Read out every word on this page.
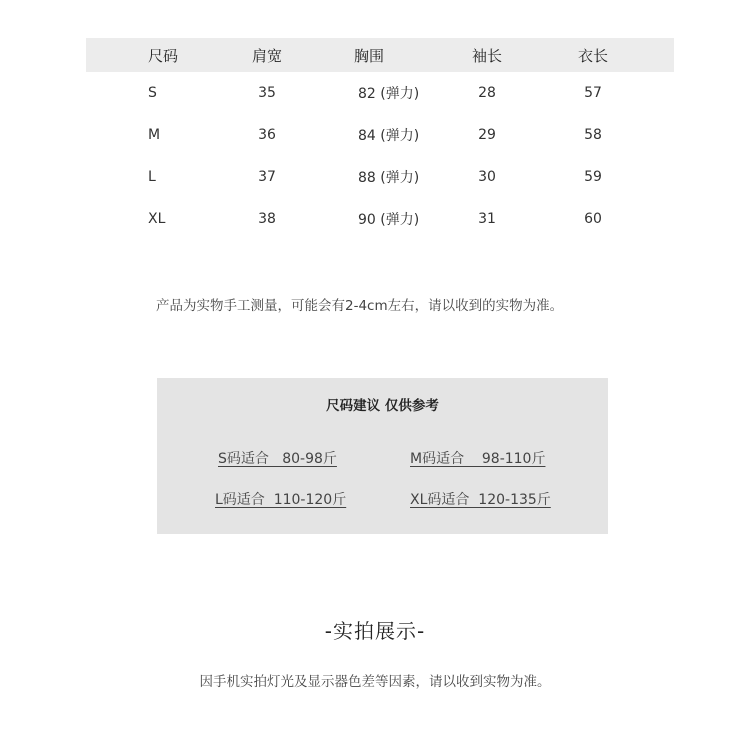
尺码	肩宽	胸围	袖长	衣长
S	35	82 (弹力)	28	57
M	36	84 (弹力)	29	58
L	37	88 (弹力)	30	59
XL	38	90 (弹力)	31	60
产品为实物手工测量，可能会有2-4cm左右，请以收到的实物为准。
尺码建议 仅供参考
S码适合   80-98斤	M码适合    98-110斤
L码适合  110-120斤	XL码适合  120-135斤
-实拍展示-
因手机实拍灯光及显示器色差等因素，请以收到实物为准。
